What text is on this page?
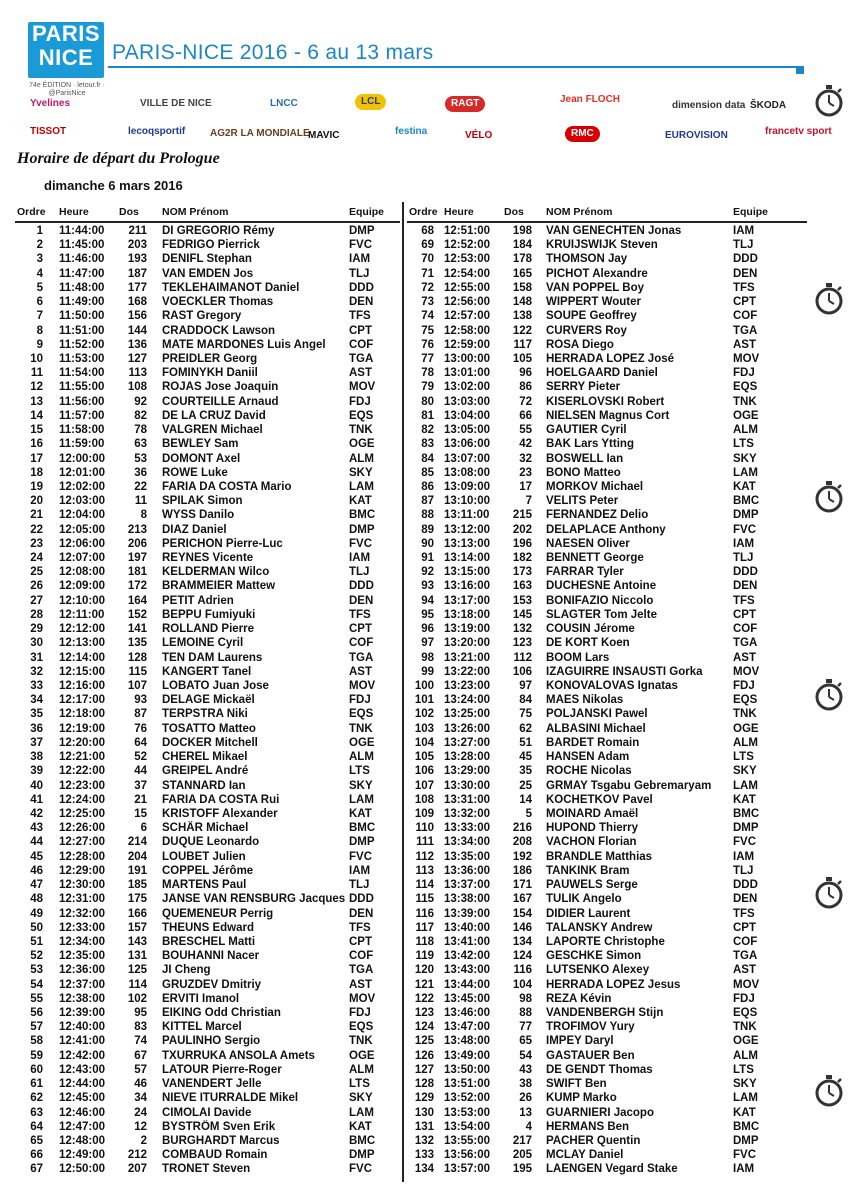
PARIS
NICE
74e ÉDITION · letour.fr · @ParisNice
PARIS-NICE 2016 - 6 au 13 mars
Yvelines	VILLE DE NICE	LNCC	LCL	RAGT	Jean FLOCH
dimension data ŠKODA
TISSOT	lecoqsportif AG2R LA MONDIALE
MAVIC	festina	VÉLO	RMC	EUROVISION	francetv sport
Horaire de départ du Prologue
dimanche 6 mars 2016
Ordre Heure	Dos NOM Prénom	Equipe
1 11:44:00	211 DI GREGORIO Rémy	DMP
2 11:45:00	203 FEDRIGO Pierrick	FVC
3 11:46:00	193 DENIFL Stephan	IAM
4 11:47:00	187 VAN EMDEN Jos	TLJ
5 11:48:00	177 TEKLEHAIMANOT Daniel	DDD
6 11:49:00	168 VOECKLER Thomas	DEN
7 11:50:00	156 RAST Gregory	TFS
8 11:51:00	144 CRADDOCK Lawson	CPT
9 11:52:00	136 MATE MARDONES Luis Angel	COF
10 11:53:00	127 PREIDLER Georg	TGA
11 11:54:00	113 FOMINYKH Daniil	AST
12 11:55:00	108 ROJAS Jose Joaquin	MOV
13 11:56:00	92 COURTEILLE Arnaud	FDJ
14 11:57:00	82 DE LA CRUZ David	EQS
15 11:58:00	78 VALGREN Michael	TNK
16 11:59:00	63 BEWLEY Sam	OGE
17 12:00:00	53 DOMONT Axel	ALM
18 12:01:00	36 ROWE Luke	SKY
19 12:02:00	22 FARIA DA COSTA Mario	LAM
20 12:03:00	11 SPILAK Simon	KAT
21 12:04:00	8 WYSS Danilo	BMC
22 12:05:00	213 DIAZ Daniel	DMP
23 12:06:00	206 PERICHON Pierre-Luc	FVC
24 12:07:00	197 REYNES Vicente	IAM
25 12:08:00	181 KELDERMAN Wilco	TLJ
26 12:09:00	172 BRAMMEIER Mattew	DDD
27 12:10:00	164 PETIT Adrien	DEN
28 12:11:00	152 BEPPU Fumiyuki	TFS
29 12:12:00	141 ROLLAND Pierre	CPT
30 12:13:00	135 LEMOINE Cyril	COF
31 12:14:00	128 TEN DAM Laurens	TGA
32 12:15:00	115 KANGERT Tanel	AST
33 12:16:00	107 LOBATO Juan Jose	MOV
34 12:17:00	93 DELAGE Mickaël	FDJ
35 12:18:00	87 TERPSTRA Niki	EQS
36 12:19:00	76 TOSATTO Matteo	TNK
37 12:20:00	64 DOCKER Mitchell	OGE
38 12:21:00	52 CHEREL Mikael	ALM
39 12:22:00	44 GREIPEL André	LTS
40 12:23:00	37 STANNARD Ian	SKY
41 12:24:00	21 FARIA DA COSTA Rui	LAM
42 12:25:00	15 KRISTOFF Alexander	KAT
43 12:26:00	6 SCHÄR Michael	BMC
44 12:27:00	214 DUQUE Leonardo	DMP
45 12:28:00	204 LOUBET Julien	FVC
46 12:29:00	191 COPPEL Jérôme	IAM
47 12:30:00	185 MARTENS Paul	TLJ
48 12:31:00	175 JANSE VAN RENSBURG Jacques DDD
49 12:32:00	166 QUEMENEUR Perrig	DEN
50 12:33:00	157 THEUNS Edward	TFS
51 12:34:00	143 BRESCHEL Matti	CPT
52 12:35:00	131 BOUHANNI Nacer	COF
53 12:36:00	125 JI Cheng	TGA
54 12:37:00	114 GRUZDEV Dmitriy	AST
55 12:38:00	102 ERVITI Imanol	MOV
56 12:39:00	95 EIKING Odd Christian	FDJ
57 12:40:00	83 KITTEL Marcel	EQS
58 12:41:00	74 PAULINHO Sergio	TNK
59 12:42:00	67 TXURRUKA ANSOLA Amets	OGE
60 12:43:00	57 LATOUR Pierre-Roger	ALM
61 12:44:00	46 VANENDERT Jelle	LTS
62 12:45:00	34 NIEVE ITURRALDE Mikel	SKY
63 12:46:00	24 CIMOLAI Davide	LAM
64 12:47:00	12 BYSTRÖM Sven Erik	KAT
65 12:48:00	2 BURGHARDT Marcus	BMC
66 12:49:00	212 COMBAUD Romain	DMP
67 12:50:00	207 TRONET Steven	FVC
Ordre Heure	Dos NOM Prénom	Equipe
68 12:51:00	198 VAN GENECHTEN Jonas	IAM
69 12:52:00	184 KRUIJSWIJK Steven	TLJ
70 12:53:00	178 THOMSON Jay	DDD
71 12:54:00	165 PICHOT Alexandre	DEN
72 12:55:00	158 VAN POPPEL Boy	TFS
73 12:56:00	148 WIPPERT Wouter	CPT
74 12:57:00	138 SOUPE Geoffrey	COF
75 12:58:00	122 CURVERS Roy	TGA
76 12:59:00	117 ROSA Diego	AST
77 13:00:00	105 HERRADA LOPEZ José	MOV
78 13:01:00	96 HOELGAARD Daniel	FDJ
79 13:02:00	86 SERRY Pieter	EQS
80 13:03:00	72 KISERLOVSKI Robert	TNK
81 13:04:00	66 NIELSEN Magnus Cort	OGE
82 13:05:00	55 GAUTIER Cyril	ALM
83 13:06:00	42 BAK Lars Ytting	LTS
84 13:07:00	32 BOSWELL Ian	SKY
85 13:08:00	23 BONO Matteo	LAM
86 13:09:00	17 MORKOV Michael	KAT
87 13:10:00	7 VELITS Peter	BMC
88 13:11:00	215 FERNANDEZ Delio	DMP
89 13:12:00	202 DELAPLACE Anthony	FVC
90 13:13:00	196 NAESEN Oliver	IAM
91 13:14:00	182 BENNETT George	TLJ
92 13:15:00	173 FARRAR Tyler	DDD
93 13:16:00	163 DUCHESNE Antoine	DEN
94 13:17:00	153 BONIFAZIO Niccolo	TFS
95 13:18:00	145 SLAGTER Tom Jelte	CPT
96 13:19:00	132 COUSIN Jérome	COF
97 13:20:00	123 DE KORT Koen	TGA
98 13:21:00	112 BOOM Lars	AST
99 13:22:00	106 IZAGUIRRE INSAUSTI Gorka	MOV
100 13:23:00	97 KONOVALOVAS Ignatas	FDJ
101 13:24:00	84 MAES Nikolas	EQS
102 13:25:00	75 POLJANSKI Pawel	TNK
103 13:26:00	62 ALBASINI Michael	OGE
104 13:27:00	51 BARDET Romain	ALM
105 13:28:00	45 HANSEN Adam	LTS
106 13:29:00	35 ROCHE Nicolas	SKY
107 13:30:00	25 GRMAY Tsgabu Gebremaryam	LAM
108 13:31:00	14 KOCHETKOV Pavel	KAT
109 13:32:00	5 MOINARD Amaël	BMC
110 13:33:00	216 HUPOND Thierry	DMP
111 13:34:00	208 VACHON Florian	FVC
112 13:35:00	192 BRANDLE Matthias	IAM
113 13:36:00	186 TANKINK Bram	TLJ
114 13:37:00	171 PAUWELS Serge	DDD
115 13:38:00	167 TULIK Angelo	DEN
116 13:39:00	154 DIDIER Laurent	TFS
117 13:40:00	146 TALANSKY Andrew	CPT
118 13:41:00	134 LAPORTE Christophe	COF
119 13:42:00	124 GESCHKE Simon	TGA
120 13:43:00	116 LUTSENKO Alexey	AST
121 13:44:00	104 HERRADA LOPEZ Jesus	MOV
122 13:45:00	98 REZA Kévin	FDJ
123 13:46:00	88 VANDENBERGH Stijn	EQS
124 13:47:00	77 TROFIMOV Yury	TNK
125 13:48:00	65 IMPEY Daryl	OGE
126 13:49:00	54 GASTAUER Ben	ALM
127 13:50:00	43 DE GENDT Thomas	LTS
128 13:51:00	38 SWIFT Ben	SKY
129 13:52:00	26 KUMP Marko	LAM
130 13:53:00	13 GUARNIERI Jacopo	KAT
131 13:54:00	4 HERMANS Ben	BMC
132 13:55:00	217 PACHER Quentin	DMP
133 13:56:00	205 MCLAY Daniel	FVC
134 13:57:00	195 LAENGEN Vegard Stake	IAM
